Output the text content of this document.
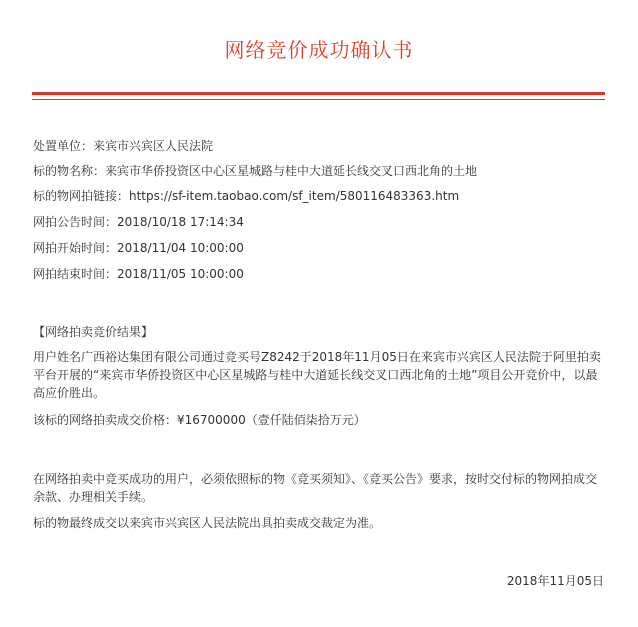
网络竞价成功确认书
处置单位：来宾市兴宾区人民法院
标的物名称：来宾市华侨投资区中心区星城路与桂中大道延长线交叉口西北角的土地
标的物网拍链接：https://sf-item.taobao.com/sf_item/580116483363.htm
网拍公告时间：2018/10/18 17:14:34
网拍开始时间：2018/11/04 10:00:00
网拍结束时间：2018/11/05 10:00:00
【网络拍卖竞价结果】
用户姓名广西裕达集团有限公司通过竞买号Z8242于2018年11月05日在来宾市兴宾区人民法院于阿里拍卖平台开展的“来宾市华侨投资区中心区星城路与桂中大道延长线交叉口西北角的土地”项目公开竞价中，以最高应价胜出。
该标的网络拍卖成交价格：¥16700000（壹仟陆佰柒拾万元）
在网络拍卖中竞买成功的用户，必须依照标的物《竞买须知》、《竞买公告》要求，按时交付标的物网拍成交余款、办理相关手续。
标的物最终成交以来宾市兴宾区人民法院出具拍卖成交裁定为准。
2018年11月05日
